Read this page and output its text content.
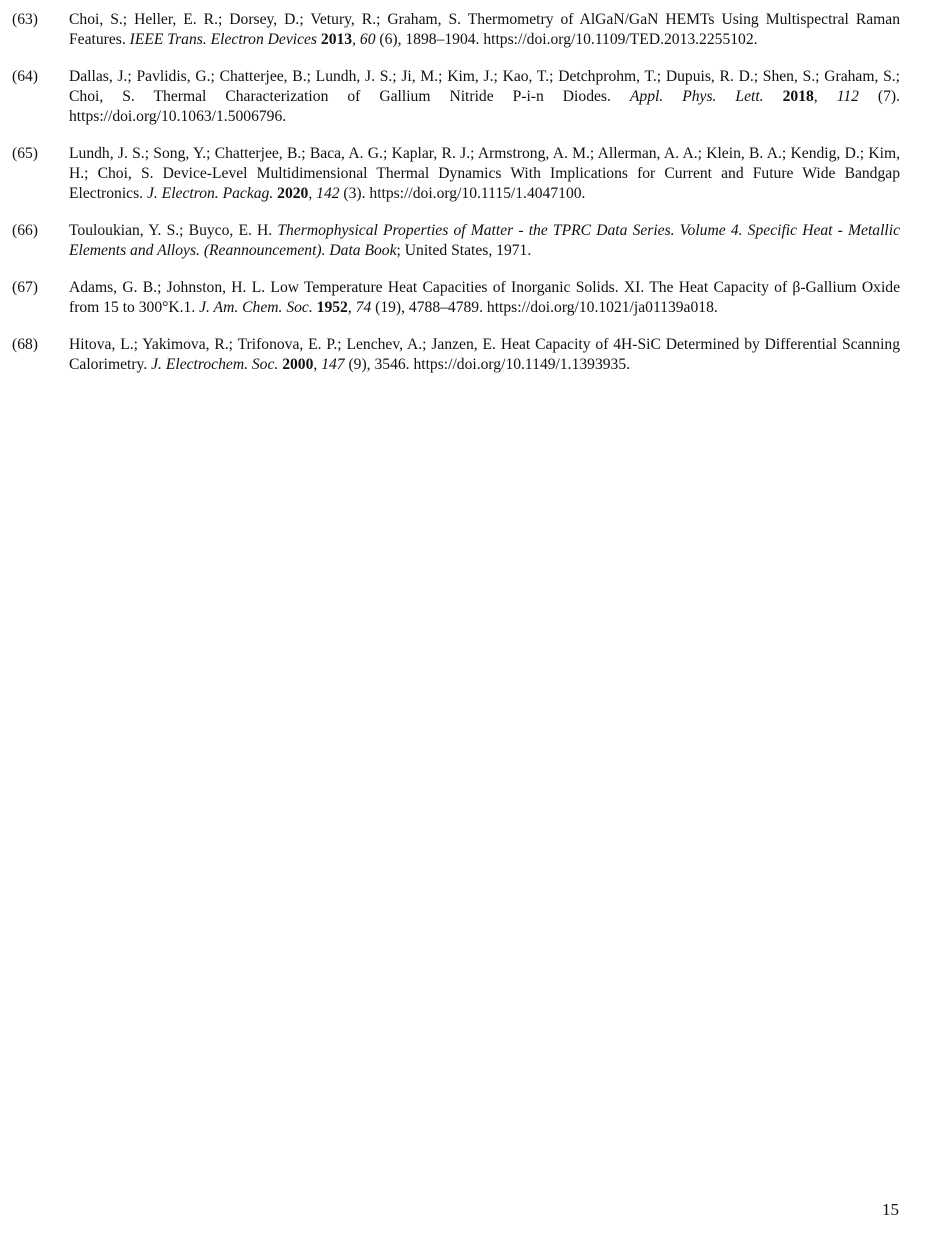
(63) Choi, S.; Heller, E. R.; Dorsey, D.; Vetury, R.; Graham, S. Thermometry of AlGaN/GaN HEMTs Using Multispectral Raman Features. IEEE Trans. Electron Devices 2013, 60 (6), 1898–1904. https://doi.org/10.1109/TED.2013.2255102.
(64) Dallas, J.; Pavlidis, G.; Chatterjee, B.; Lundh, J. S.; Ji, M.; Kim, J.; Kao, T.; Detchprohm, T.; Dupuis, R. D.; Shen, S.; Graham, S.; Choi, S. Thermal Characterization of Gallium Nitride P-i-n Diodes. Appl. Phys. Lett. 2018, 112 (7). https://doi.org/10.1063/1.5006796.
(65) Lundh, J. S.; Song, Y.; Chatterjee, B.; Baca, A. G.; Kaplar, R. J.; Armstrong, A. M.; Allerman, A. A.; Klein, B. A.; Kendig, D.; Kim, H.; Choi, S. Device-Level Multidimensional Thermal Dynamics With Implications for Current and Future Wide Bandgap Electronics. J. Electron. Packag. 2020, 142 (3). https://doi.org/10.1115/1.4047100.
(66) Touloukian, Y. S.; Buyco, E. H. Thermophysical Properties of Matter - the TPRC Data Series. Volume 4. Specific Heat - Metallic Elements and Alloys. (Reannouncement). Data Book; United States, 1971.
(67) Adams, G. B.; Johnston, H. L. Low Temperature Heat Capacities of Inorganic Solids. XI. The Heat Capacity of β-Gallium Oxide from 15 to 300°K.1. J. Am. Chem. Soc. 1952, 74 (19), 4788–4789. https://doi.org/10.1021/ja01139a018.
(68) Hitova, L.; Yakimova, R.; Trifonova, E. P.; Lenchev, A.; Janzen, E. Heat Capacity of 4H-SiC Determined by Differential Scanning Calorimetry. J. Electrochem. Soc. 2000, 147 (9), 3546. https://doi.org/10.1149/1.1393935.
15
